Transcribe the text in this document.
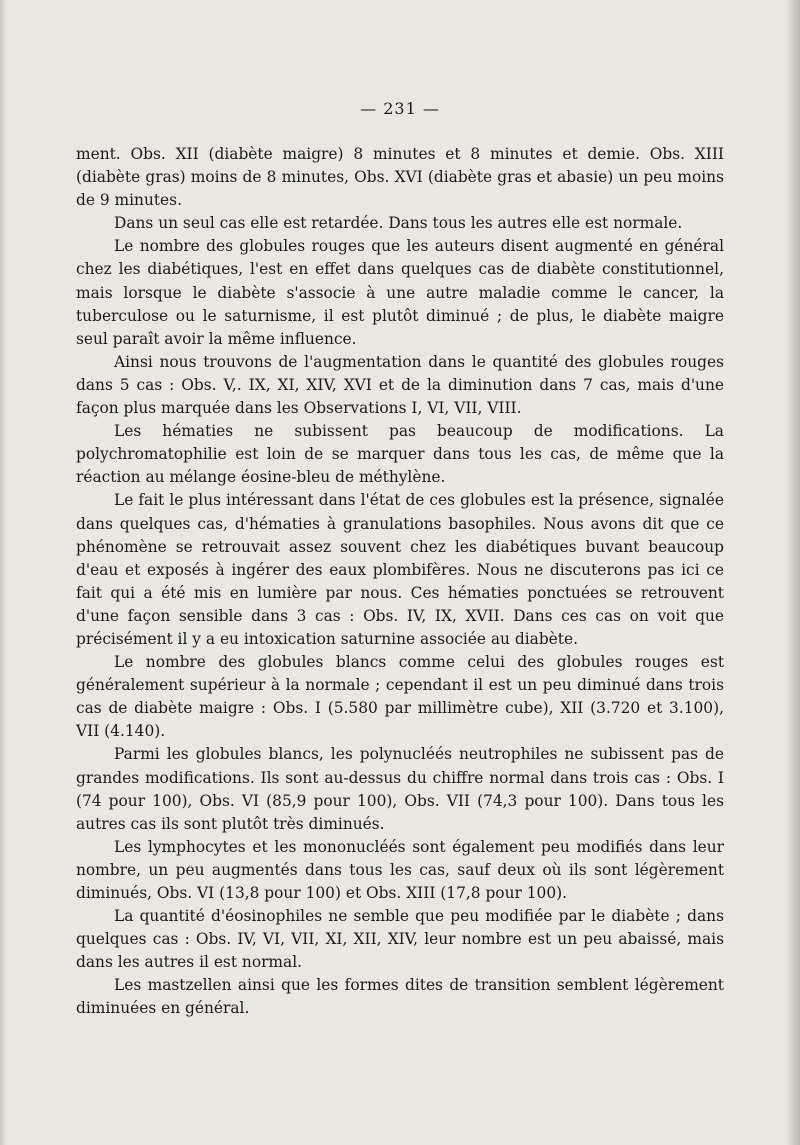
— 231 —

ment. Obs. XII (diabète maigre) 8 minutes et 8 minutes et demie. Obs. XIII (diabète gras) moins de 8 minutes, Obs. XVI (diabète gras et abasie) un peu moins de 9 minutes.

Dans un seul cas elle est retardée. Dans tous les autres elle est normale.

Le nombre des globules rouges que les auteurs disent augmenté en général chez les diabétiques, l'est en effet dans quelques cas de diabète constitutionnel, mais lorsque le diabète s'associe à une autre maladie comme le cancer, la tuberculose ou le saturnisme, il est plutôt diminué ; de plus, le diabète maigre seul paraît avoir la même influence.

Ainsi nous trouvons de l'augmentation dans le quantité des globules rouges dans 5 cas : Obs. V,. IX, XI, XIV, XVI et de la diminution dans 7 cas, mais d'une façon plus marquée dans les Observations I, VI, VII, VIII.

Les hématies ne subissent pas beaucoup de modifications. La polychromatophilie est loin de se marquer dans tous les cas, de même que la réaction au mélange éosine-bleu de méthylène.

Le fait le plus intéressant dans l'état de ces globules est la présence, signalée dans quelques cas, d'hématies à granulations basophiles. Nous avons dit que ce phénomène se retrouvait assez souvent chez les diabétiques buvant beaucoup d'eau et exposés à ingérer des eaux plombifères. Nous ne discuterons pas ici ce fait qui a été mis en lumière par nous. Ces hématies ponctuées se retrouvent d'une façon sensible dans 3 cas : Obs. IV, IX, XVII. Dans ces cas on voit que précisément il y a eu intoxication saturnine associée au diabète.

Le nombre des globules blancs comme celui des globules rouges est généralement supérieur à la normale ; cependant il est un peu diminué dans trois cas de diabète maigre : Obs. I (5.580 par millimètre cube), XII (3.720 et 3.100), VII (4.140).

Parmi les globules blancs, les polynucléés neutrophiles ne subissent pas de grandes modifications. Ils sont au-dessus du chiffre normal dans trois cas : Obs. I (74 pour 100), Obs. VI (85,9 pour 100), Obs. VII (74,3 pour 100). Dans tous les autres cas ils sont plutôt très diminués.

Les lymphocytes et les mononucléés sont également peu modifiés dans leur nombre, un peu augmentés dans tous les cas, sauf deux où ils sont légèrement diminués, Obs. VI (13,8 pour 100) et Obs. XIII (17,8 pour 100).

La quantité d'éosinophiles ne semble que peu modifiée par le diabète ; dans quelques cas : Obs. IV, VI, VII, XI, XII, XIV, leur nombre est un peu abaissé, mais dans les autres il est normal.

Les mastzellen ainsi que les formes dites de transition semblent légèrement diminuées en général.
